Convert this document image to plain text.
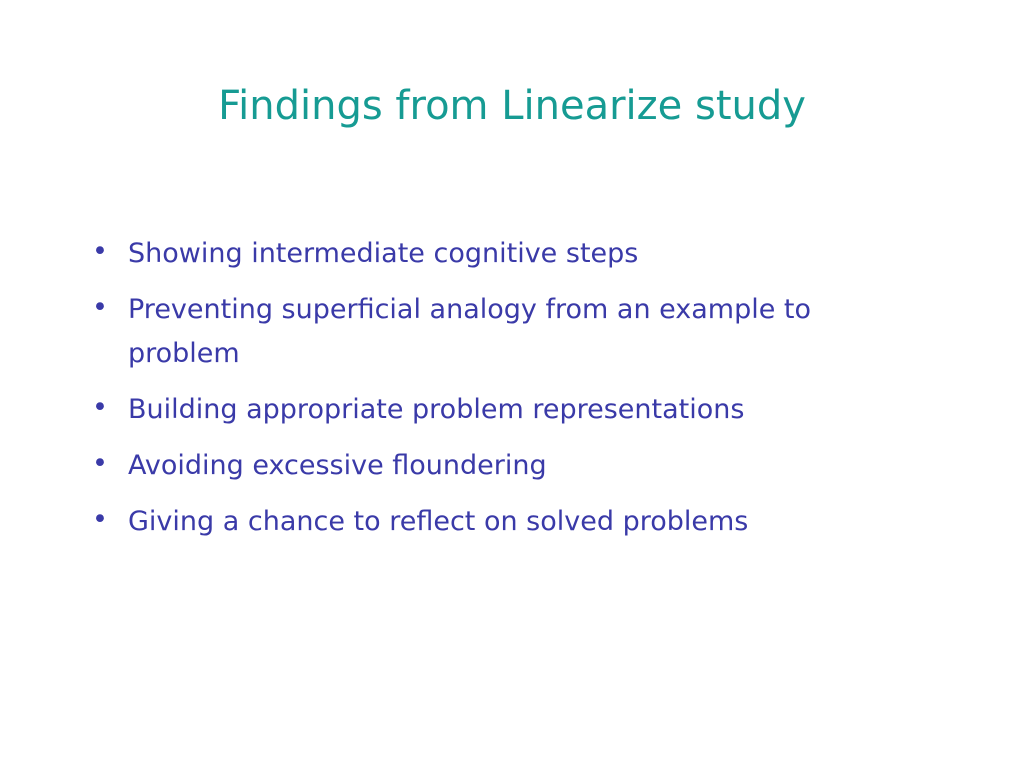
Findings from Linearize study
• Showing intermediate cognitive steps
• Preventing superficial analogy from an example to problem
• Building appropriate problem representations
• Avoiding excessive floundering
• Giving a chance to reflect on solved problems
